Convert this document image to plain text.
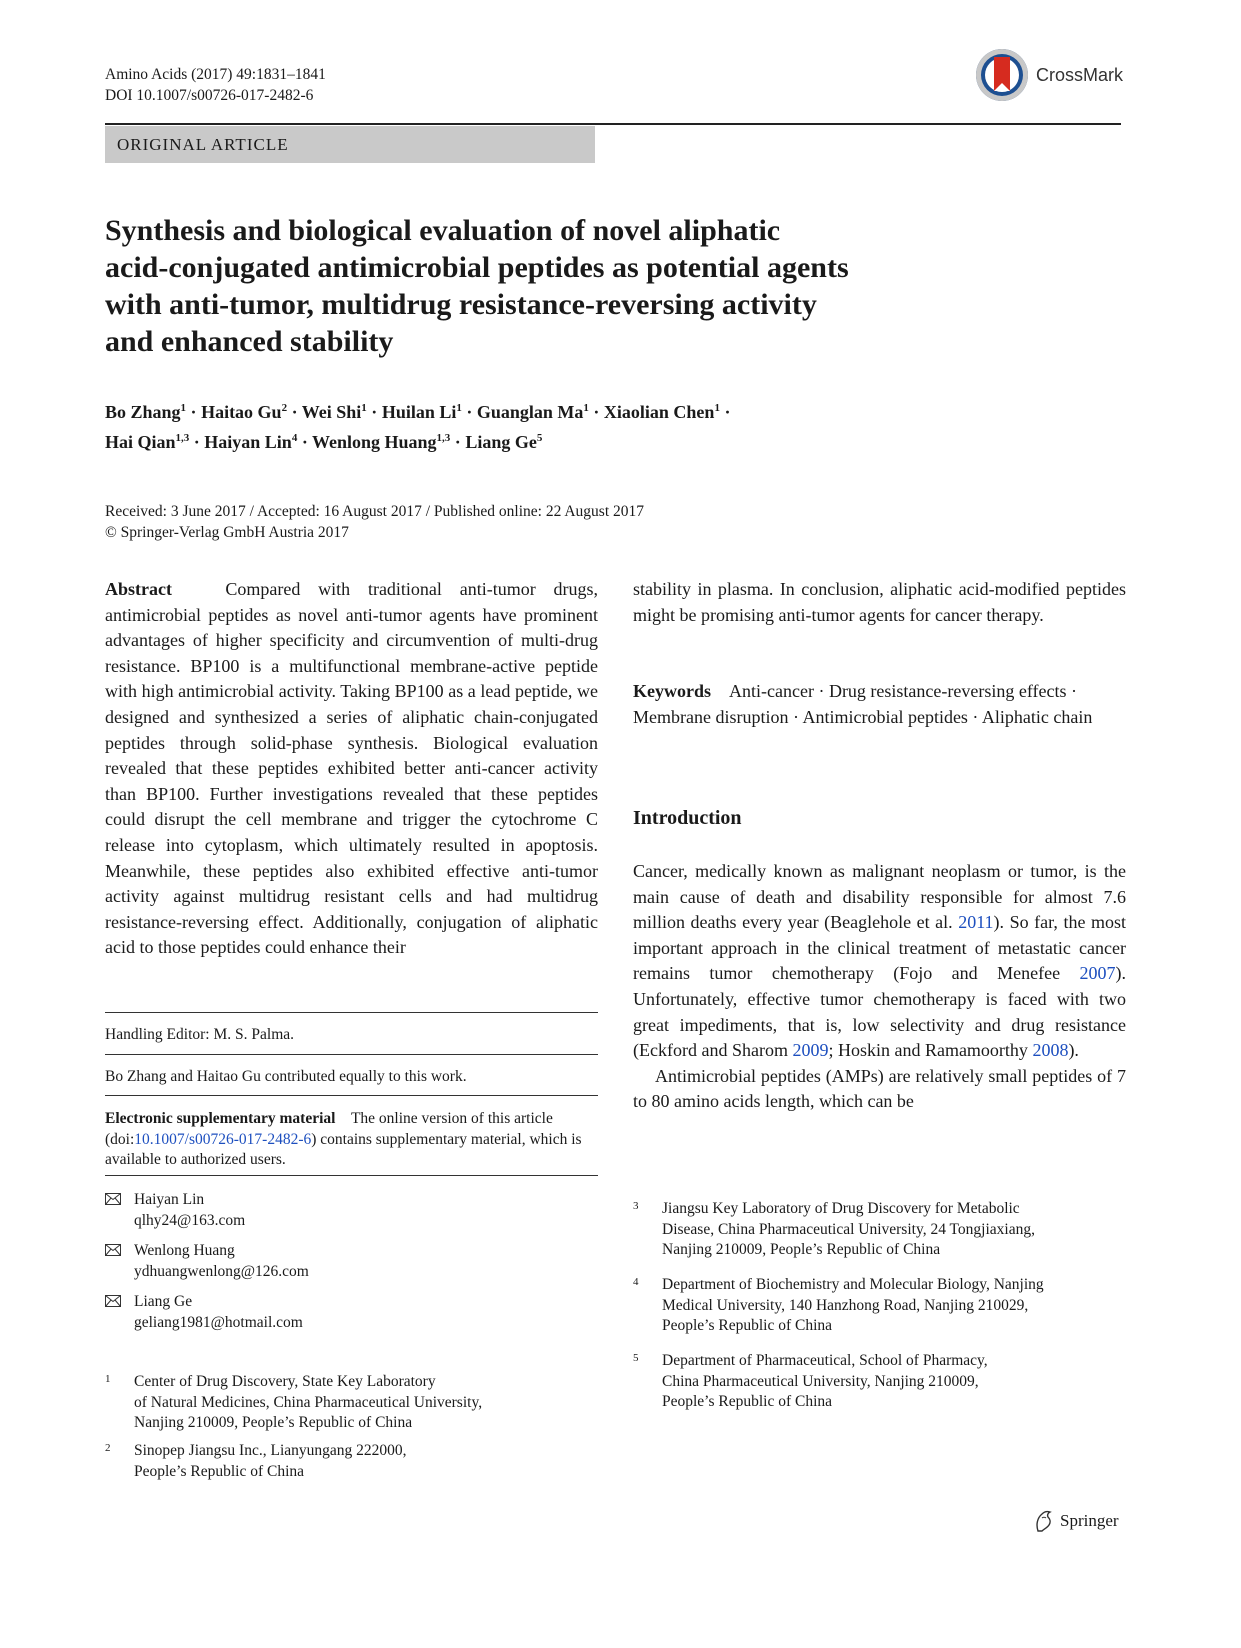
Amino Acids (2017) 49:1831–1841
DOI 10.1007/s00726-017-2482-6
CrossMark
ORIGINAL ARTICLE
Synthesis and biological evaluation of novel aliphatic
acid-conjugated antimicrobial peptides as potential agents
with anti-tumor, multidrug resistance-reversing activity
and enhanced stability
Bo Zhang$^1$ · Haitao $Gu^2$ · Wei Shi$^1$ · Huilan $Li^1$ · Guanglan $Ma^1$ · Xiaolian Chen$^1$ ·
Hai Qian$^{1,3}$ · Haiyan Lin$^4$ · Wenlong Huang$^{1,3}$ · Liang Ge$^5$
Received: 3 June 2017 / Accepted: 16 August 2017 / Published online: 22 August 2017
© Springer-Verlag GmbH Austria 2017
Abstract	Compared with traditional anti-tumor drugs, antimicrobial peptides as novel anti-tumor agents have prominent advantages of higher specificity and circumvention of multi-drug resistance. BP100 is a multifunctional membrane-active peptide with high antimicrobial activity. Taking BP100 as a lead peptide, we designed and synthesized a series of aliphatic chain-conjugated peptides through solid-phase synthesis. Biological evaluation revealed that these peptides exhibited better anti-cancer activity than BP100. Further investigations revealed that these peptides could disrupt the cell membrane and trigger the cytochrome C release into cytoplasm, which ultimately resulted in apoptosis. Meanwhile, these peptides also exhibited effective anti-tumor activity against multidrug resistant cells and had multidrug resistance-reversing effect. Additionally, conjugation of aliphatic acid to those peptides could enhance their
stability in plasma. In conclusion, aliphatic acid-modified peptides might be promising anti-tumor agents for cancer therapy.
Keywords Anti-cancer · Drug resistance-reversing effects · Membrane disruption · Antimicrobial peptides · Aliphatic chain
Introduction

Cancer, medically known as malignant neoplasm or tumor, is the main cause of death and disability responsible for almost 7.6 million deaths every year (Beaglehole et al. 2011). So far, the most important approach in the clinical treatment of metastatic cancer remains tumor chemotherapy (Fojo and Menefee 2007). Unfortunately, effective tumor chemotherapy is faced with two great impediments, that is, low selectivity and drug resistance (Eckford and Sharom 2009; Hoskin and Ramamoorthy 2008).

Antimicrobial peptides (AMPs) are relatively small peptides of 7 to 80 amino acids length, which can be

Handling Editor: M. S. Palma.
Bo Zhang and Haitao Gu contributed equally to this work.
Electronic supplementary material The online version of this article (doi:10.1007/s00726-017-2482-6) contains supplementary material, which is available to authorized users.
Haiyan Lin
qlhy24@163.com
Wenlong Huang
ydhuangwenlong@126.com
Liang Ge
geliang1981@hotmail.com
1 Center of Drug Discovery, State Key Laboratory
of Natural Medicines, China Pharmaceutical University,
Nanjing 210009, People’s Republic of China
2 Sinopep Jiangsu Inc., Lianyungang 222000,
People’s Republic of China
3 Jiangsu Key Laboratory of Drug Discovery for Metabolic
Disease, China Pharmaceutical University, 24 Tongjiaxiang,
Nanjing 210009, People’s Republic of China
4 Department of Biochemistry and Molecular Biology, Nanjing
Medical University, 140 Hanzhong Road, Nanjing 210029,
People’s Republic of China
5 Department of Pharmaceutical, School of Pharmacy,
China Pharmaceutical University, Nanjing 210009,
People’s Republic of China
Springer
